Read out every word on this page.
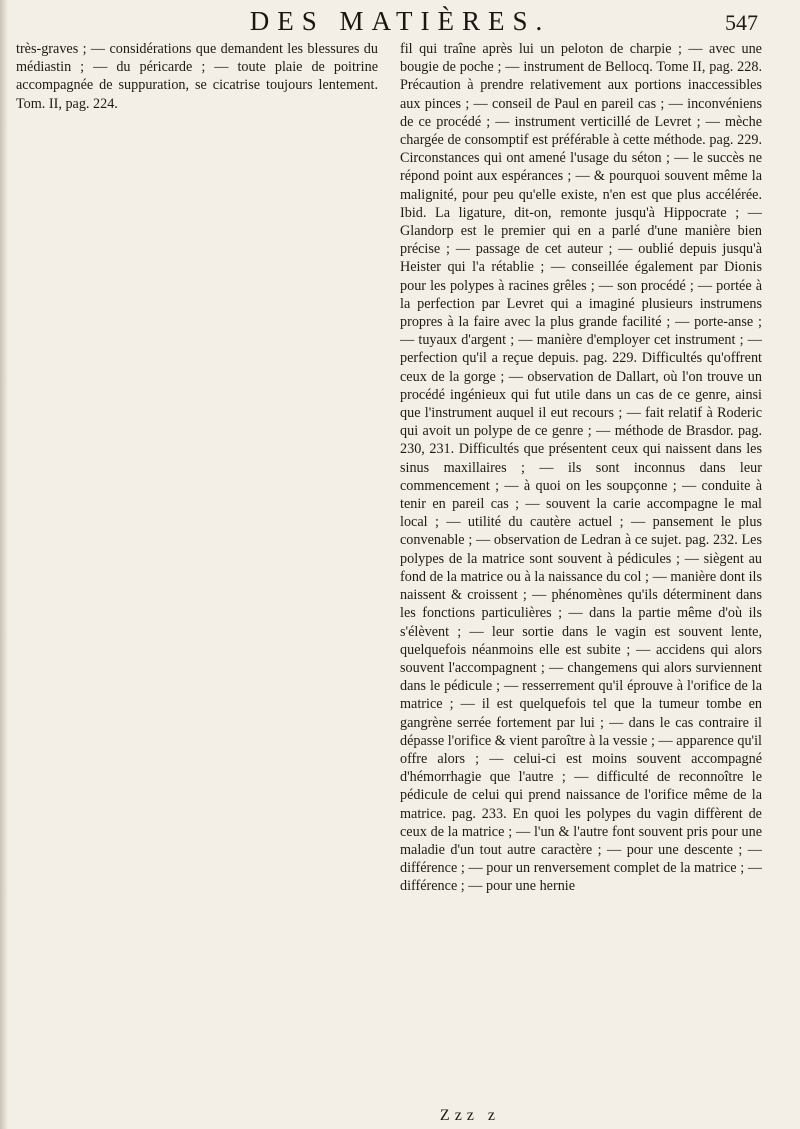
DES MATIÈRES.	547

très-graves ; — considérations que demandent les blessures du médiastin ; — du péricarde ; — toute plaie de poitrine accompagnée de suppuration, se cicatrise toujours lentement. Tom. II, pag. 224.

fil qui traîne après lui un peloton de charpie ; — avec une bougie de poche ; — instrument de Bellocq. Tome II, pag. 228. Précaution à prendre relativement aux portions inaccessibles aux pinces ; — conseil de Paul en pareil cas ; — inconvéniens de ce procédé ; — instrument verticillé de Levret ; — mèche chargée de consomptif est préférable à cette méthode. pag. 229. Circonstances qui ont amené l'usage du séton ; — le succès ne répond point aux espérances ; — & pourquoi souvent même la malignité, pour peu qu'elle existe, n'en est que plus accélérée. Ibid. La ligature, dit-on, remonte jusqu'à Hippocrate ; — Glandorp est le premier qui en a parlé d'une manière bien précise ; — passage de cet auteur ; — oublié depuis jusqu'à Heister qui l'a rétablie ; — conseillée également par Dionis pour les polypes à racines grêles ; — son procédé ; — portée à la perfection par Levret qui a imaginé plusieurs instrumens propres à la faire avec la plus grande facilité ; — porte-anse ; — tuyaux d'argent ; — manière d'employer cet instrument ; — perfection qu'il a reçue depuis. pag. 229. Difficultés qu'offrent ceux de la gorge ; — observation de Dallart, où l'on trouve un procédé ingénieux qui fut utile dans un cas de ce genre, ainsi que l'instrument auquel il eut recours ; — fait relatif à Roderic qui avoit un polype de ce genre ; — méthode de Brasdor. pag. 230, 231. Difficultés que présentent ceux qui naissent dans les sinus maxillaires ; — ils sont inconnus dans leur commencement ; — à quoi on les soupçonne ; — conduite à tenir en pareil cas ; — souvent la carie accompagne le mal local ; — utilité du cautère actuel ; — pansement le plus convenable ; — observation de Ledran à ce sujet. pag. 232. Les polypes de la matrice sont souvent à pédicules ; — siègent au fond de la matrice ou à la naissance du col ; — manière dont ils naissent & croissent ; — phénomènes qu'ils déterminent dans les fonctions particulières ; — dans la partie même d'où ils s'élèvent ; — leur sortie dans le vagin est souvent lente, quelquefois néanmoins elle est subite ; — accidens qui alors souvent l'accompagnent ; — changemens qui alors surviennent dans le pédicule ; — resserrement qu'il éprouve à l'orifice de la matrice ; — il est quelquefois tel que la tumeur tombe en gangrène serrée fortement par lui ; — dans le cas contraire il dépasse l'orifice & vient paroître à la vessie ; — apparence qu'il offre alors ; — celui-ci est moins souvent accompagné d'hémorrhagie que l'autre ; — difficulté de reconnoître le pédicule de celui qui prend naissance de l'orifice même de la matrice. pag. 233. En quoi les polypes du vagin diffèrent de ceux de la matrice ; — l'un & l'autre font souvent pris pour une maladie d'un tout autre caractère ; — pour une descente ; — différence ; — pour un renversement complet de la matrice ; — différence ; — pour une hernie

Zzz z
